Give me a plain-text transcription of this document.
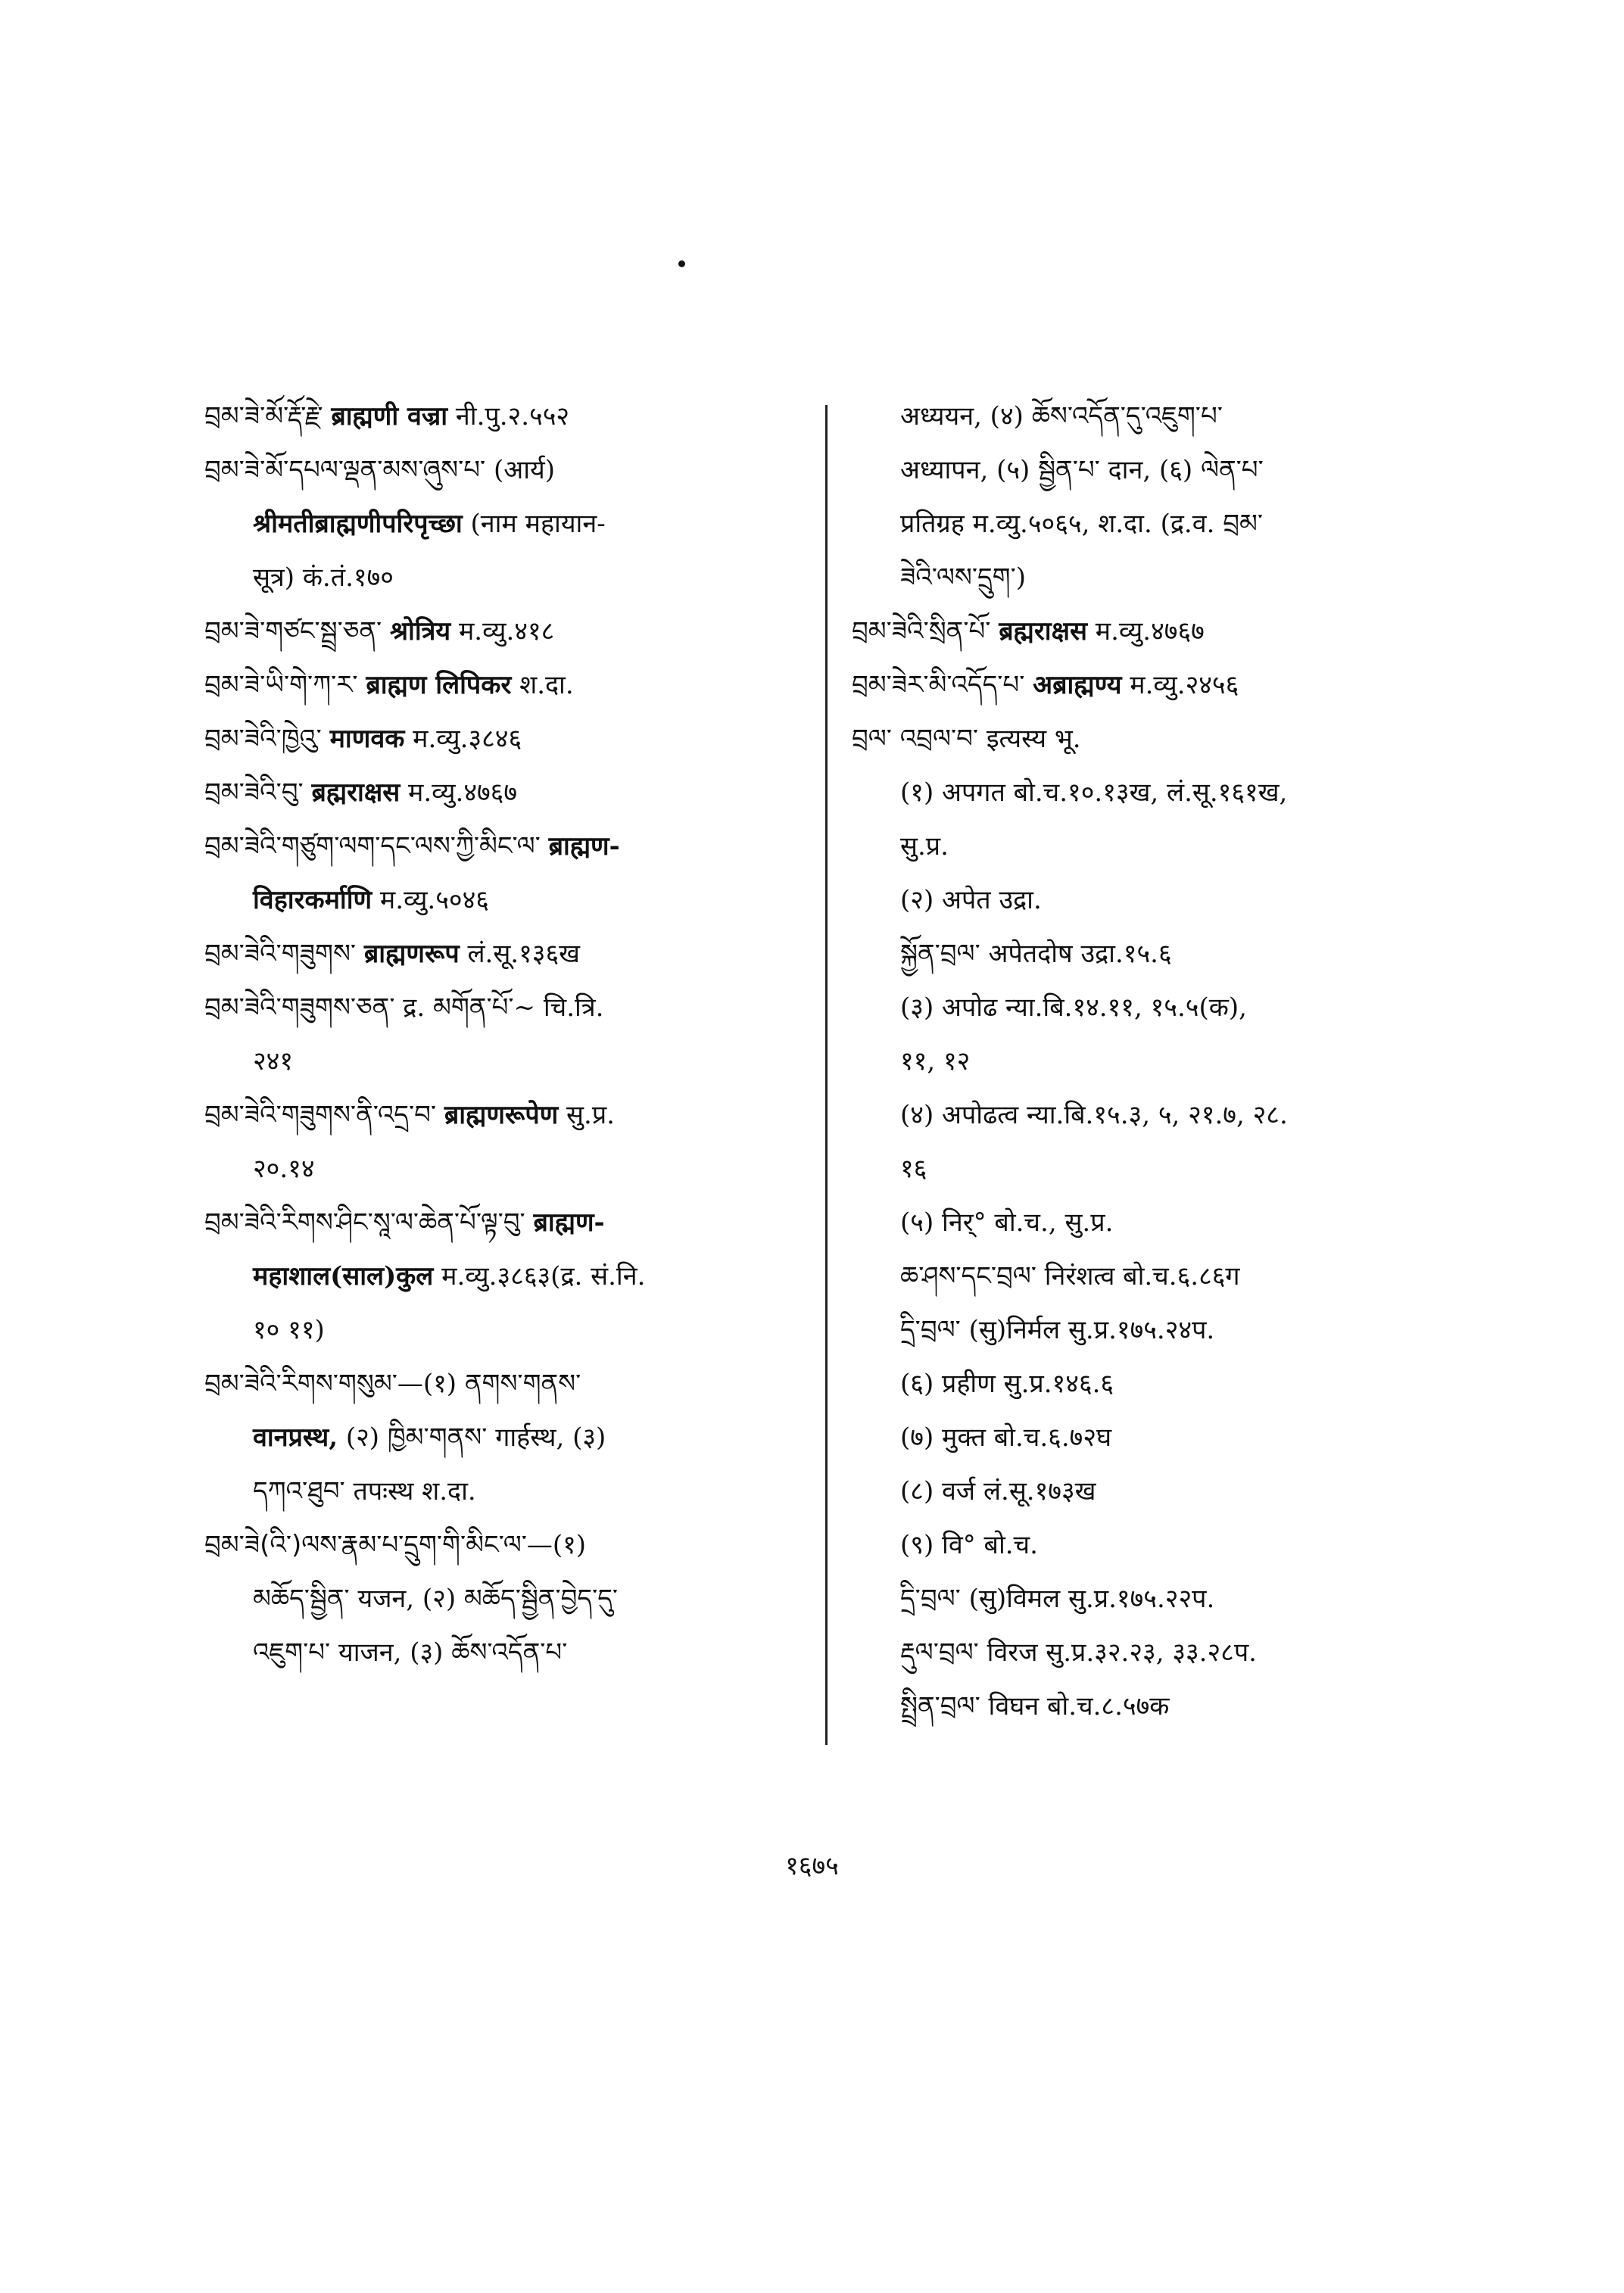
བྲམ་ཟེ་མོ་རྡོ་རྗེ་ ब्राह्मणी वज्रा नी.पु.२.५५२

བྲམ་ཟེ་མོ་དཔལ་ལྡན་མས་ཞུས་པ་ (आर्य)

श्रीमतीब्राह्मणीपरिपृच्छा (नाम महायान-

सूत्र) कं.तं.१७०

བྲམ་ཟེ་གཙང་སྦྲ་ཅན་ श्रोत्रिय म.व्यु.४१८

བྲམ་ཟེ་ཡི་གེ་ཀ་ར་ ब्राह्मण लिपिकर श.दा.

བྲམ་ཟེའི་ཁྱེའུ་ माणवक म.व्यु.३८४६

བྲམ་ཟེའི་བུ་ ब्रह्मराक्षस म.व्यु.४७६७

བྲམ་ཟེའི་གཙུག་ལག་དང་ལས་ཀྱི་མིང་ལ་ ब्राह्मण-

विहारकर्माणि म.व्यु.५०४६

བྲམ་ཟེའི་གཟུགས་ ब्राह्मणरूप लं.सू.१३६ख

བྲམ་ཟེའི་གཟུགས་ཅན་ द्र. མགོན་པོ་~ चि.त्रि.

२४१

བྲམ་ཟེའི་གཟུགས་ནི་འདྲ་བ་ ब्राह्मणरूपेण सु.प्र.

२०.१४

བྲམ་ཟེའི་རིགས་ཤིང་སཱ་ལ་ཆེན་པོ་ལྟ་བུ་ ब्राह्मण-

महाशाल(साल)कुल म.व्यु.३८६३(द्र. सं.नि.

१० ११)

བྲམ་ཟེའི་རིགས་གསུམ་—(१) ནགས་གནས་

वानप्रस्थ, (२) ཁྱིམ་གནས་ गार्हस्थ, (३)

དཀའ་ཐུབ་ तपःस्थ श.दा.

བྲམ་ཟེ(འི་)ལས་རྣམ་པ་དྲུག་གི་མིང་ལ་—(१)

མཆོད་སྦྱིན་ यजन, (२) མཆོད་སྦྱིན་བྱེད་དུ་

འཇུག་པ་ याजन, (३) ཆོས་འདོན་པ་

अध्ययन, (४) ཆོས་འདོན་དུ་འཇུག་པ་

अध्यापन, (५) སྦྱིན་པ་ दान, (६) ལེན་པ་

प्रतिग्रह म.व्यु.५०६५, श.दा. (द्र.व. བྲམ་

ཟེའི་ལས་དྲུག་)

བྲམ་ཟེའི་སྲིན་པོ་ ब्रह्मराक्षस म.व्यु.४७६७

བྲམ་ཟེར་མི་འདོད་པ་ अब्राह्मण्य म.व्यु.२४५६

བྲལ་ འབྲལ་བ་ इत्यस्य भू.

(१) अपगत बो.च.१०.१३ख, लं.सू.१६१ख,

सु.प्र.

(२) अपेत उद्रा.

སྐྱོན་བྲལ་ अपेतदोष उद्रा.१५.६

(३) अपोढ न्या.बि.१४.११, १५.५(क),

११, १२

(४) अपोढत्व न्या.बि.१५.३, ५, २१.७, २८.

१६

(५) निर्° बो.च., सु.प्र.

ཆ་ཤས་དང་བྲལ་ निरंशत्व बो.च.६.८६ग

དྲི་བྲལ་ (सु)निर्मल सु.प्र.१७५.२४प.

(६) प्रहीण सु.प्र.१४६.६

(७) मुक्त बो.च.६.७२घ

(८) वर्ज लं.सू.१७३ख

(९) वि° बो.च.

དྲི་བྲལ་ (सु)विमल सु.प्र.१७५.२२प.

རྡུལ་བྲལ་ विरज सु.प्र.३२.२३, ३३.२८प.

སྤྲིན་བྲལ་ विघन बो.च.८.५७क

१६७५
